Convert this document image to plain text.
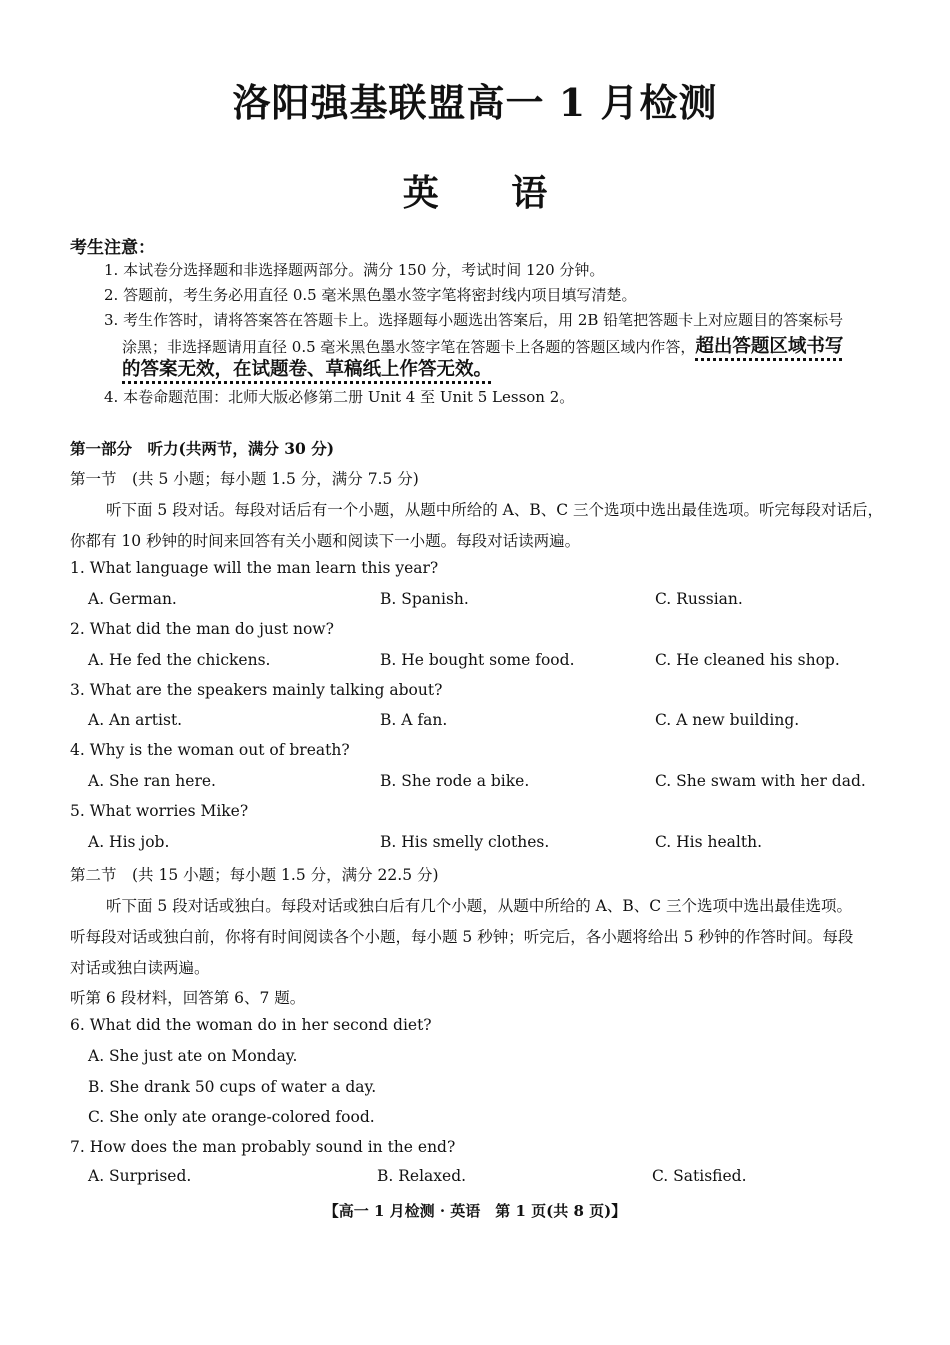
洛阳强基联盟高一 1 月检测
英 语
考生注意：
1. 本试卷分选择题和非选择题两部分。满分 150 分，考试时间 120 分钟。
2. 答题前，考生务必用直径 0.5 毫米黑色墨水签字笔将密封线内项目填写清楚。
3. 考生作答时，请将答案答在答题卡上。选择题每小题选出答案后，用 2B 铅笔把答题卡上对应题目的答案标号
涂黑；非选择题请用直径 0.5 毫米黑色墨水签字笔在答题卡上各题的答题区域内作答，超出答题区域书写
的答案无效，在试题卷、草稿纸上作答无效。
4. 本卷命题范围：北师大版必修第二册 Unit 4 至 Unit 5 Lesson 2。
第一部分　听力(共两节，满分 30 分)
第一节　(共 5 小题；每小题 1.5 分，满分 7.5 分)
听下面 5 段对话。每段对话后有一个小题，从题中所给的 A、B、C 三个选项中选出最佳选项。听完每段对话后，
你都有 10 秒钟的时间来回答有关小题和阅读下一小题。每段对话读两遍。
1. What language will the man learn this year?
A. German.	B. Spanish.	C. Russian.
2. What did the man do just now?
A. He fed the chickens.	B. He bought some food.	C. He cleaned his shop.
3. What are the speakers mainly talking about?
A. An artist.	B. A fan.	C. A new building.
4. Why is the woman out of breath?
A. She ran here.	B. She rode a bike.	C. She swam with her dad.
5. What worries Mike?
A. His job.	B. His smelly clothes.	C. His health.
第二节　(共 15 小题；每小题 1.5 分，满分 22.5 分)
听下面 5 段对话或独白。每段对话或独白后有几个小题，从题中所给的 A、B、C 三个选项中选出最佳选项。
听每段对话或独白前，你将有时间阅读各个小题，每小题 5 秒钟；听完后，各小题将给出 5 秒钟的作答时间。每段
对话或独白读两遍。
听第 6 段材料，回答第 6、7 题。
6. What did the woman do in her second diet?
A. She just ate on Monday.
B. She drank 50 cups of water a day.
C. She only ate orange-colored food.
7. How does the man probably sound in the end?
A. Surprised.	B. Relaxed.	C. Satisfied.
【高一 1 月检测 · 英语　第 1 页(共 8 页)】
